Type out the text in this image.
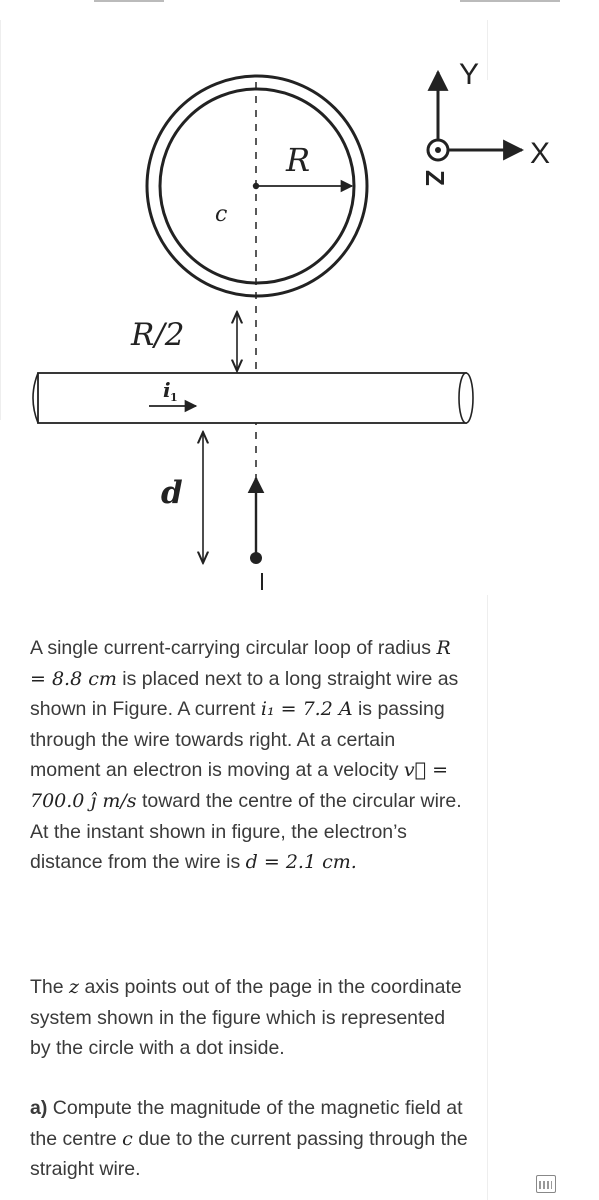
R
c
R/2
i 1
d
Y
X
Z

A single current-carrying circular loop of radius R = 8.8 cm is placed next to a long straight wire as shown in Figure. A current i₁ = 7.2 A is passing through the wire towards right. At a certain moment an electron is moving at a velocity v⃗ = 700.0 ĵ m/s toward the centre of the circular wire. At the instant shown in figure, the electron’s distance from the wire is d = 2.1 cm.

The z axis points out of the page in the coordinate system shown in the figure which is represented by the circle with a dot inside.

a) Compute the magnitude of the magnetic field at the centre c due to the current passing through the straight wire.
